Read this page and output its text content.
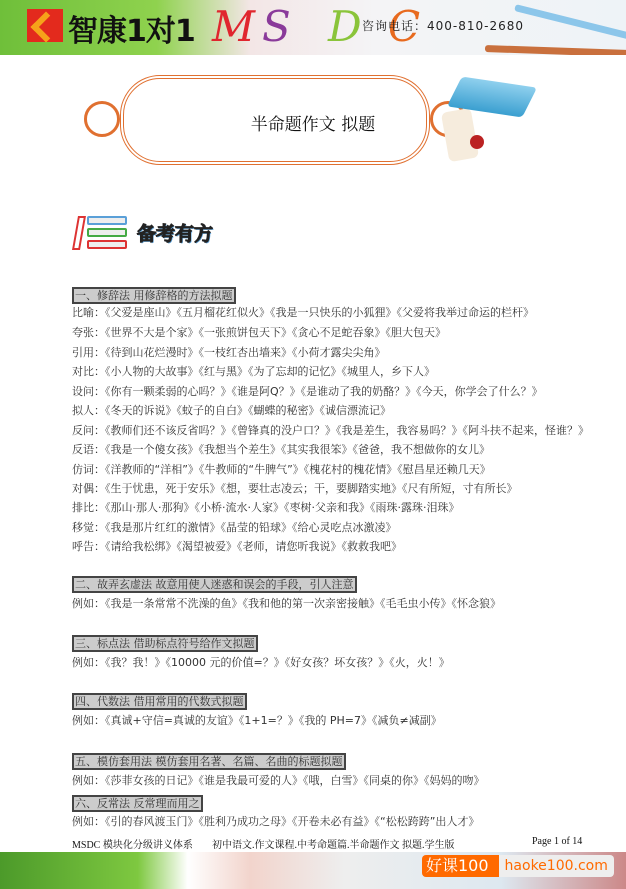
智康1对1 M S D C
咨询电话：400-810-2680
半命题作文 拟题
备考有方
一、修辞法 用修辞格的方法拟题
比喻：《父爱是座山》《五月榴花红似火》《我是一只快乐的小狐狸》《父爱将我举过命运的栏杆》
夸张：《世界不大是个家》《一张煎饼包天下》《贪心不足蛇吞象》《胆大包天》
引用：《待到山花烂漫时》《一枝红杏出墙来》《小荷才露尖尖角》
对比：《小人物的大故事》《红与黑》《为了忘却的记忆》《城里人，乡下人》
设问：《你有一颗柔弱的心吗？》《谁是阿Q？》《是谁动了我的奶酪？》《今天，你学会了什么？》
拟人：《冬天的诉说》《蚊子的自白》《蝴蝶的秘密》《诚信漂流记》
反问：《教师们还不该反省吗？》《曾锋真的没户口？》《我是差生，我容易吗？》《阿斗扶不起来，怪谁？》
反语：《我是一个傻女孩》《我想当个差生》《其实我很笨》《爸爸，我不想做你的女儿》
仿词：《洋教师的“洋相”》《牛教师的“牛脾气”》《槐花村的槐花情》《慰昌星还赖几天》
对偶：《生于忧患，死于安乐》《想，要壮志凌云；干，要脚踏实地》《尺有所短，寸有所长》
排比：《那山·那人·那狗》《小桥·流水·人家》《枣树·父亲和我》《雨珠·露珠·泪珠》
移觉：《我是那片红红的激情》《晶莹的铅球》《给心灵吃点冰激凌》
呼告：《请给我松绑》《渴望被爱》《老师，请您听我说》《救救我吧》
二、故弄玄虚法 故意用使人迷惑和误会的手段，引人注意
例如：《我是一条常常不洗澡的鱼》《我和他的第一次亲密接触》《毛毛虫小传》《怀念狼》
三、标点法 借助标点符号给作文拟题
例如：《我？我！》《10000 元的价值=？》《好女孩？坏女孩？》《火，火！》
四、代数法 借用常用的代数式拟题
例如：《真诚+守信=真诚的友谊》《1+1=？》《我的 PH=7》《减负≠减副》
五、模仿套用法 模仿套用名著、名篇、名曲的标题拟题
例如：《莎菲女孩的日记》《谁是我最可爱的人》《哦，白雪》《同桌的你》《妈妈的吻》
六、反常法 反常理而用之
例如：《引的春风渡玉门》《胜利乃成功之母》《开卷未必有益》《“松松跨跨”出人才》
MSDC 模块化分级讲义体系 初中语文.作文课程.中考命题篇.半命题作文 拟题.学生版	Page 1 of 14
好课100	haoke100.com
